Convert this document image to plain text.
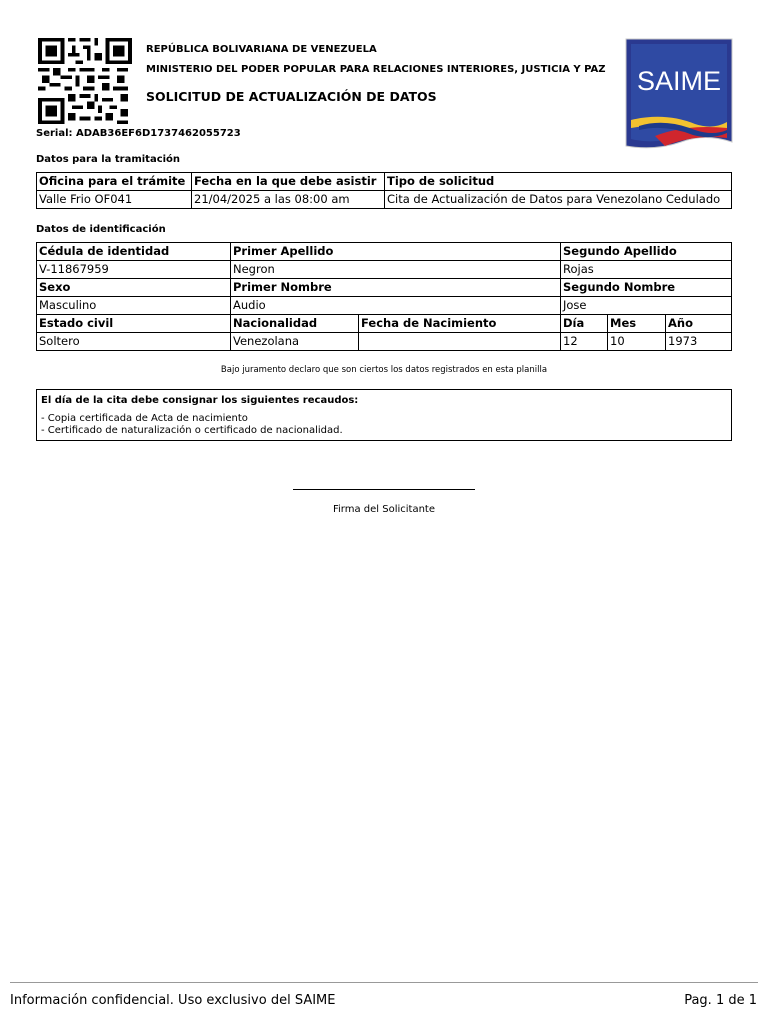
REPÚBLICA BOLIVARIANA DE VENEZUELA
MINISTERIO DEL PODER POPULAR PARA RELACIONES INTERIORES, JUSTICIA Y PAZ
SOLICITUD DE ACTUALIZACIÓN DE DATOS
Serial: ADAB36EF6D1737462055723
SAIME
Datos para la tramitación
Oficina para el trámite	Fecha en la que debe asistir	Tipo de solicitud
Valle Frio OF041	21/04/2025 a las 08:00 am	Cita de Actualización de Datos para Venezolano Cedulado
Datos de identificación
Cédula de identidad	Primer Apellido		Segundo Apellido		
V-11867959	Negron		Rojas		
Sexo	Primer Nombre		Segundo Nombre		
Masculino	Audio		Jose		
Estado civil	Nacionalidad	Fecha de Nacimiento	Día	Mes	Año
Soltero	Venezolana		12	10	1973
Bajo juramento declaro que son ciertos los datos registrados en esta planilla
El día de la cita debe consignar los siguientes recaudos:
- Copia certificada de Acta de nacimiento
- Certificado de naturalización o certificado de nacionalidad.
Firma del Solicitante
Información confidencial. Uso exclusivo del SAIME	Pag. 1 de 1
